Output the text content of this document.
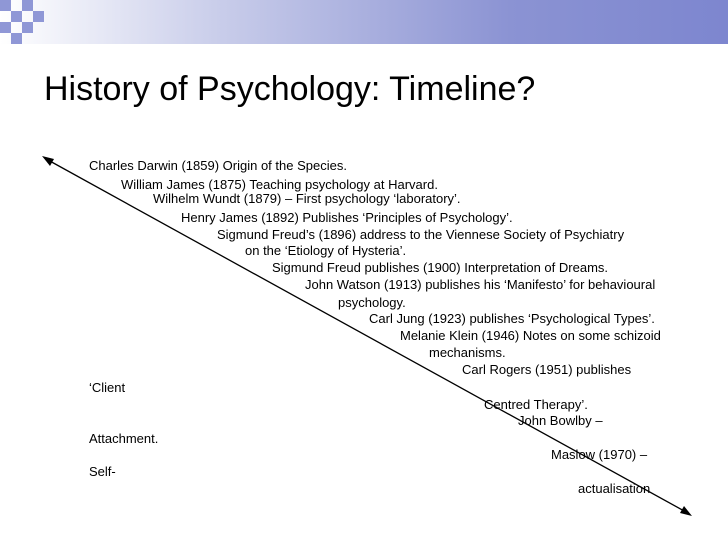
History of Psychology: Timeline?
Charles Darwin (1859) Origin of the Species.
William James (1875) Teaching psychology at Harvard.
Wilhelm Wundt (1879) – First psychology ‘laboratory’.
Henry James (1892) Publishes ‘Principles of Psychology’.
Sigmund Freud’s (1896) address to the Viennese Society of Psychiatry
on the ‘Etiology of Hysteria’.
Sigmund Freud publishes (1900) Interpretation of Dreams.
John Watson (1913) publishes his ‘Manifesto’ for behavioural
psychology.
Carl Jung (1923) publishes ‘Psychological Types’.
Melanie Klein (1946) Notes on some schizoid
mechanisms.
Carl Rogers (1951) publishes
‘Client
Centred Therapy’.
John Bowlby –
Attachment.
Maslow (1970) –
Self-
actualisation
